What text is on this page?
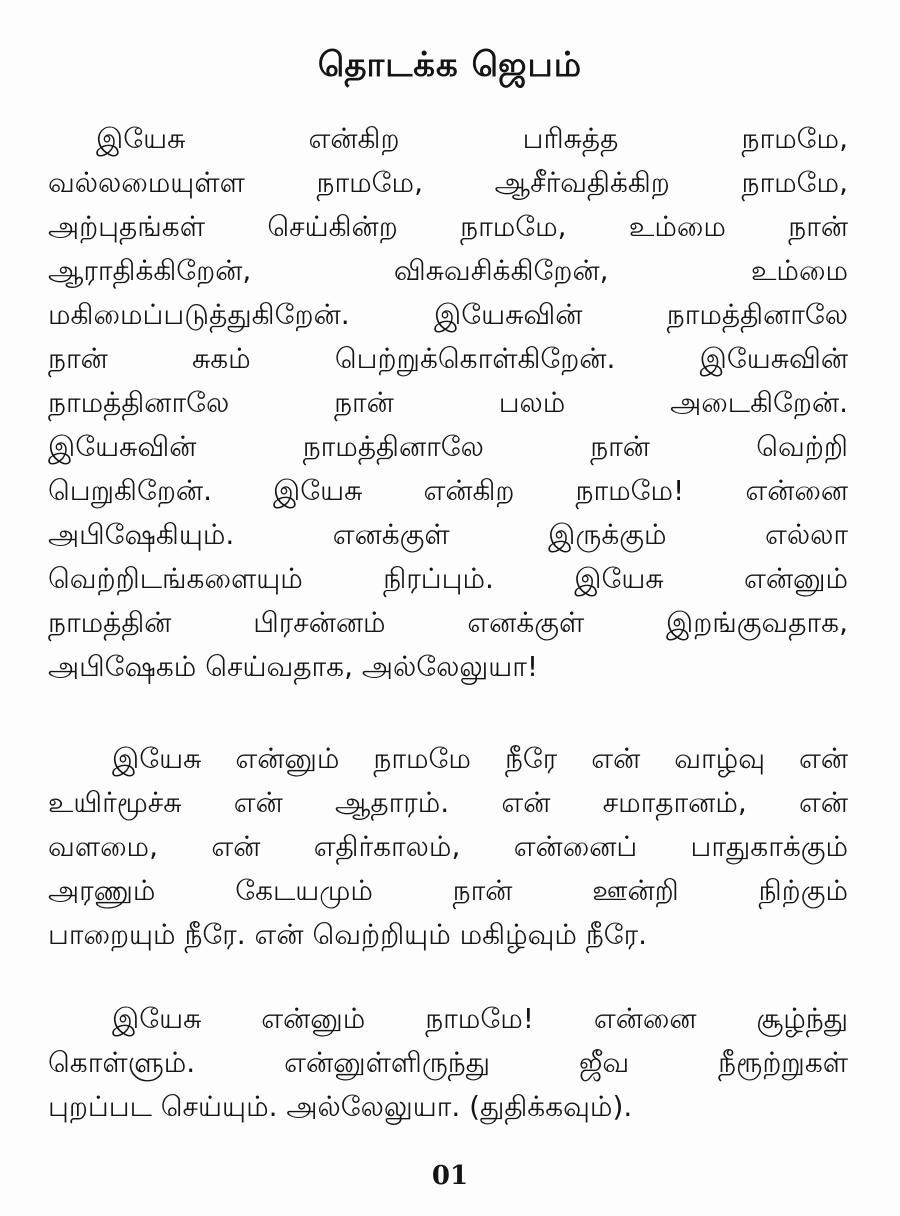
தொடக்க ஜெபம்
இயேசு என்கிற பரிசுத்த நாமமே,
வல்லமையுள்ள நாமமே, ஆசீர்வதிக்கிற நாமமே,
அற்புதங்கள் செய்கின்ற நாமமே, உம்மை நான்
ஆராதிக்கிறேன், விசுவசிக்கிறேன், உம்மை
மகிமைப்படுத்துகிறேன். இயேசுவின் நாமத்தினாலே
நான் சுகம் பெற்றுக்கொள்கிறேன். இயேசுவின்
நாமத்தினாலே நான் பலம் அடைகிறேன்.
இயேசுவின் நாமத்தினாலே நான் வெற்றி
பெறுகிறேன். இயேசு என்கிற நாமமே! என்னை
அபிஷேகியும். எனக்குள் இருக்கும் எல்லா
வெற்றிடங்களையும் நிரப்பும். இயேசு என்னும்
நாமத்தின் பிரசன்னம் எனக்குள் இறங்குவதாக,
அபிஷேகம் செய்வதாக, அல்லேலுயா!
இயேசு என்னும் நாமமே நீரே என் வாழ்வு என்
உயிர்மூச்சு என் ஆதாரம். என் சமாதானம், என்
வளமை, என் எதிர்காலம், என்னைப் பாதுகாக்கும்
அரணும் கேடயமும் நான் ஊன்றி நிற்கும்
பாறையும் நீரே. என் வெற்றியும் மகிழ்வும் நீரே.
இயேசு என்னும் நாமமே! என்னை சூழ்ந்து
கொள்ளும். என்னுள்ளிருந்து ஜீவ நீரூற்றுகள்
புறப்பட செய்யும். அல்லேலுயா. (துதிக்கவும்).
01
